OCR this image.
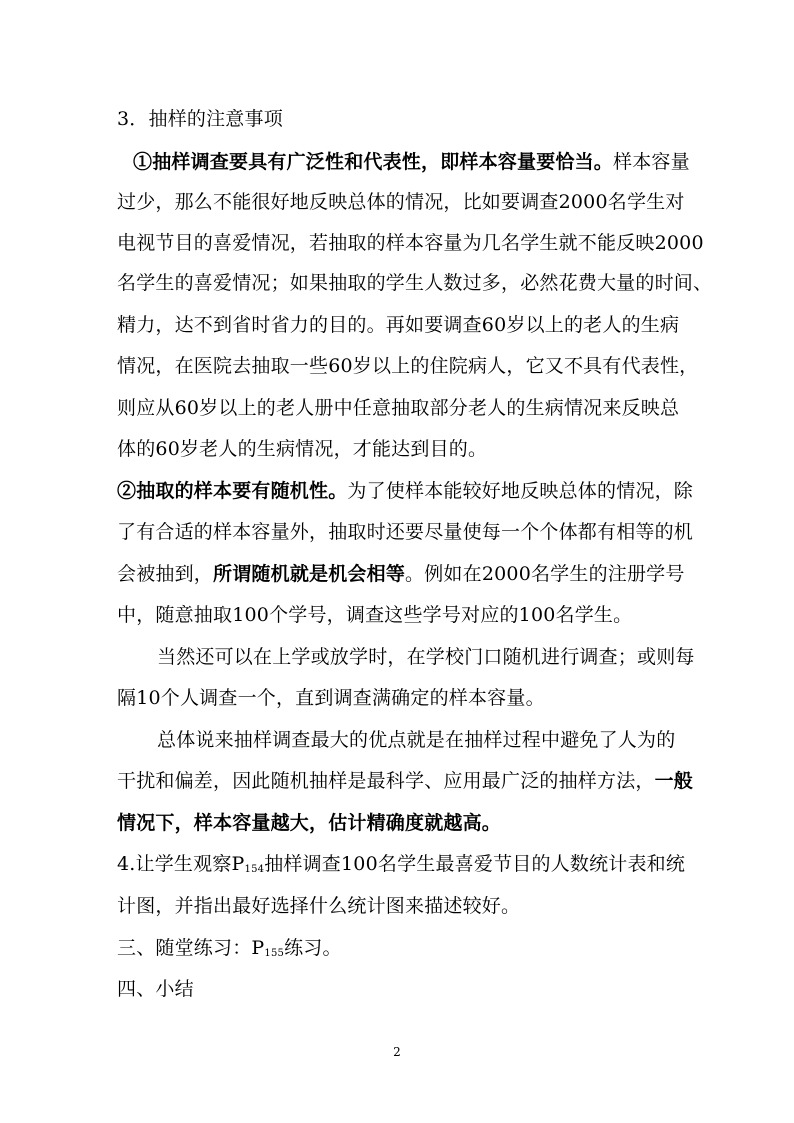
3．抽样的注意事项
①抽样调查要具有广泛性和代表性，即样本容量要恰当。样本容量
过少，那么不能很好地反映总体的情况，比如要调查2000名学生对
电视节目的喜爱情况，若抽取的样本容量为几名学生就不能反映2000
名学生的喜爱情况；如果抽取的学生人数过多，必然花费大量的时间、
精力，达不到省时省力的目的。再如要调查60岁以上的老人的生病
情况，在医院去抽取一些60岁以上的住院病人，它又不具有代表性，
则应从60岁以上的老人册中任意抽取部分老人的生病情况来反映总
体的60岁老人的生病情况，才能达到目的。
②抽取的样本要有随机性。为了使样本能较好地反映总体的情况，除
了有合适的样本容量外，抽取时还要尽量使每一个个体都有相等的机
会被抽到，所谓随机就是机会相等。例如在2000名学生的注册学号
中，随意抽取100个学号，调查这些学号对应的100名学生。
当然还可以在上学或放学时，在学校门口随机进行调查；或则每
隔10个人调查一个，直到调查满确定的样本容量。
总体说来抽样调查最大的优点就是在抽样过程中避免了人为的
干扰和偏差，因此随机抽样是最科学、应用最广泛的抽样方法，一般
情况下，样本容量越大，估计精确度就越高。
4.让学生观察$P_{154}$抽样调查100名学生最喜爱节目的人数统计表和统
计图，并指出最好选择什么统计图来描述较好。
三、随堂练习：$P_{155}$练习。
四、小结
2
